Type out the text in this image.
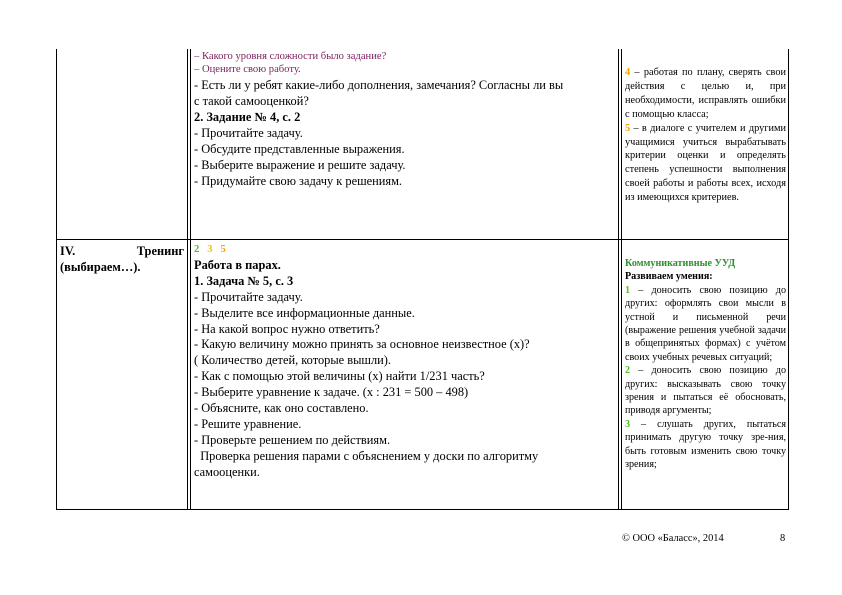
– Какого уровня сложности было задание?

– Оцените свою работу.

- Есть ли у ребят какие-либо дополнения, замечания? Согласны ли вы

с такой самооценкой?

2. Задание № 4, с. 2

- Прочитайте задачу.

- Обсудите представленные выражения.

- Выберите выражение и решите задачу.

- Придумайте свою задачу к решениям.

4 – работая по плану, сверять свои действия с целью и, при необходимости, исправлять ошибки с помощью класса;

5 – в диалоге с учителем и другими учащимися учиться вырабатывать критерии оценки и определять степень успешности выполнения своей работы и работы всех, исходя из имеющихся критериев.

IV.	Тренинг
(выбираем…).

2 3 5

Работа в парах.

1. Задача № 5, с. 3

- Прочитайте задачу.

- Выделите все информационные данные.

- На какой вопрос нужно ответить?

- Какую величину можно принять за основное неизвестное (х)?

( Количество детей, которые вышли).

- Как с помощью этой величины (х) найти 1/231 часть?

- Выберите уравнение к задаче. (х : 231 = 500 – 498)

- Объясните, как оно составлено.

- Решите уравнение.

- Проверьте решением по действиям.

Проверка решения парами с объяснением у доски по алгоритму

самооценки.

Коммуникативные УУД

Развиваем умения:

1 – доносить свою позицию до других: оформлять свои мысли в устной и письменной речи (выражение решения учебной задачи в общепринятых формах) с учётом своих учебных речевых ситуаций;

2 – доносить свою позицию до других: высказывать свою точку зрения и пытаться её обосновать, приводя аргументы;

3 – слушать других, пытаться принимать другую точку зре-ния, быть готовым изменить свою точку зрения;

© ООО «Баласс», 2014	8
